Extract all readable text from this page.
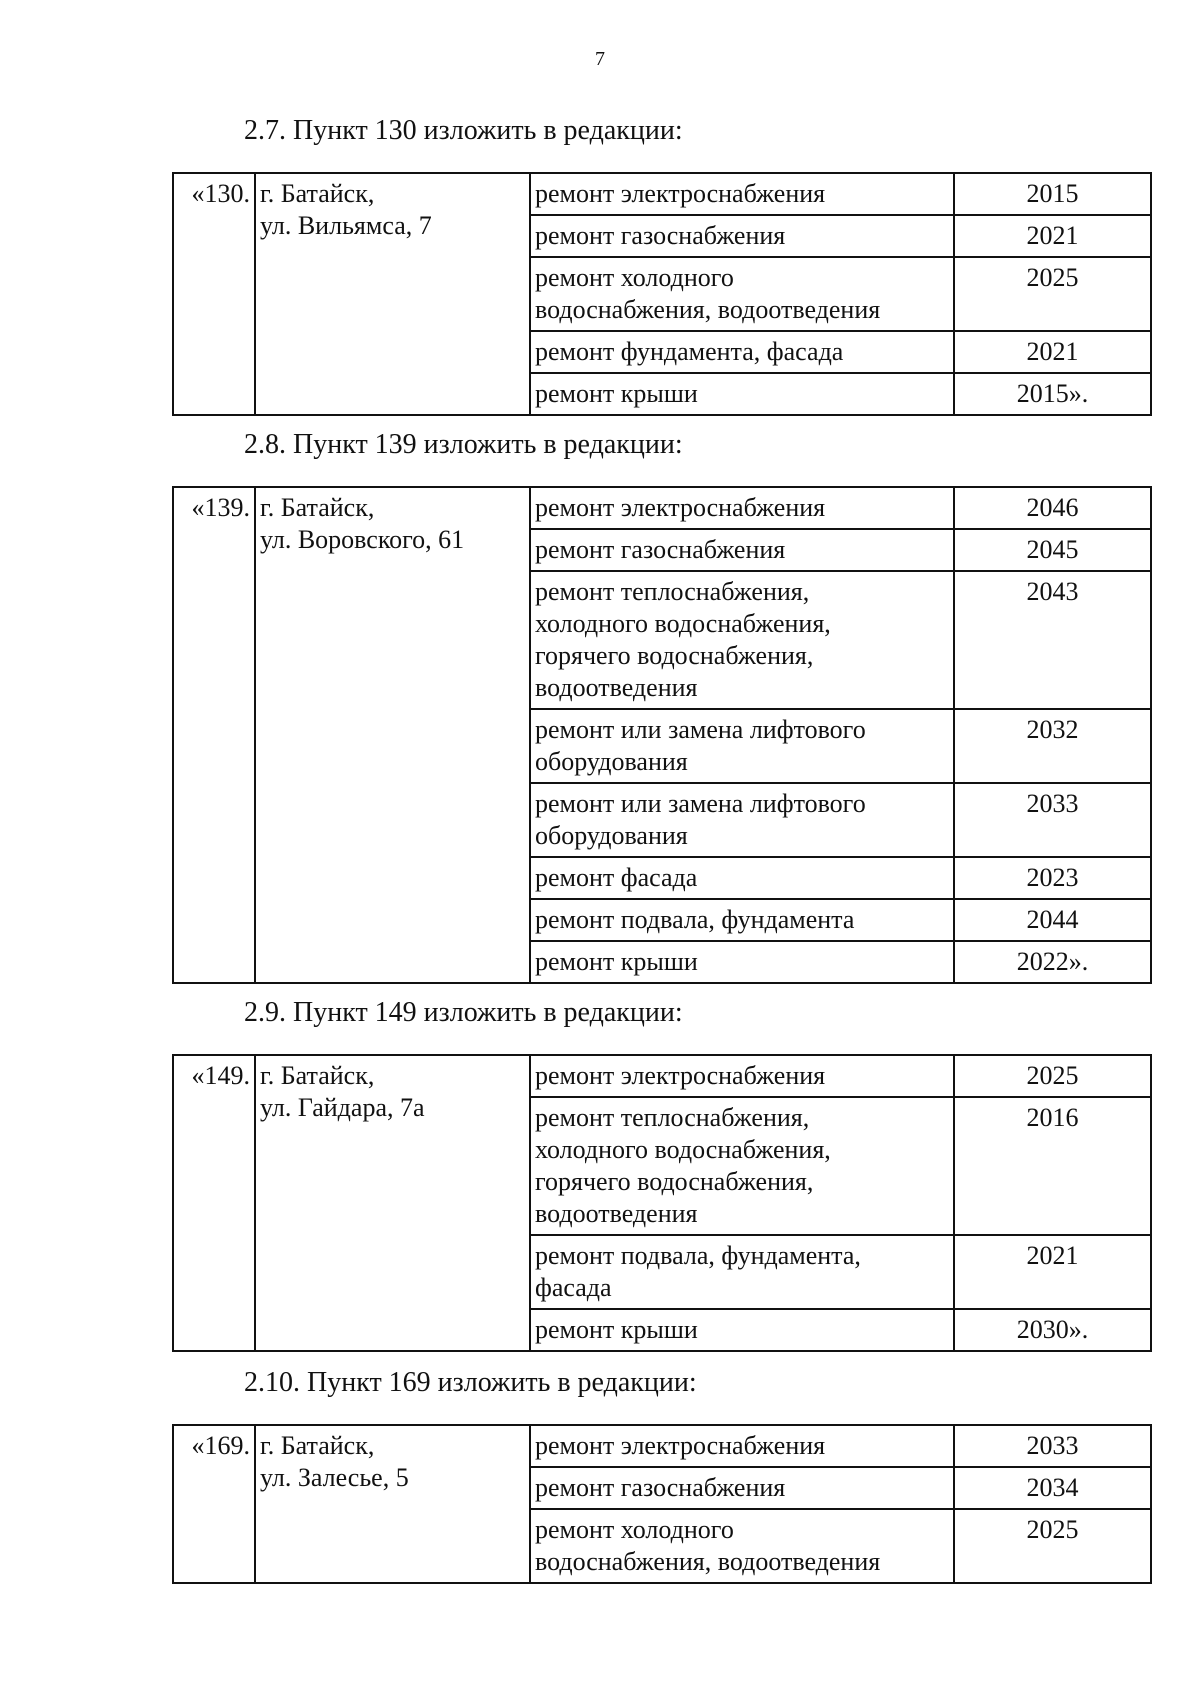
7

2.7. Пункт 130 изложить в редакции:

«130.	г. Батайск,
ул. Вильямса, 7	ремонт электроснабжения	2015
		ремонт газоснабжения	2021
		ремонт холодного
водоснабжения, водоотведения	2025
		ремонт фундамента, фасада	2021
		ремонт крыши	2015».

2.8. Пункт 139 изложить в редакции:

«139.	г. Батайск,
ул. Воровского, 61	ремонт электроснабжения	2046
		ремонт газоснабжения	2045
		ремонт теплоснабжения,
холодного водоснабжения,
горячего водоснабжения,
водоотведения	2043
		ремонт или замена лифтового
оборудования	2032
		ремонт или замена лифтового
оборудования	2033
		ремонт фасада	2023
		ремонт подвала, фундамента	2044
		ремонт крыши	2022».

2.9. Пункт 149 изложить в редакции:

«149.	г. Батайск,
ул. Гайдара, 7а	ремонт электроснабжения	2025
		ремонт теплоснабжения,
холодного водоснабжения,
горячего водоснабжения,
водоотведения	2016
		ремонт подвала, фундамента,
фасада	2021
		ремонт крыши	2030».

2.10. Пункт 169 изложить в редакции:

«169.	г. Батайск,
ул. Залесье, 5	ремонт электроснабжения	2033
		ремонт газоснабжения	2034
		ремонт холодного
водоснабжения, водоотведения	2025
